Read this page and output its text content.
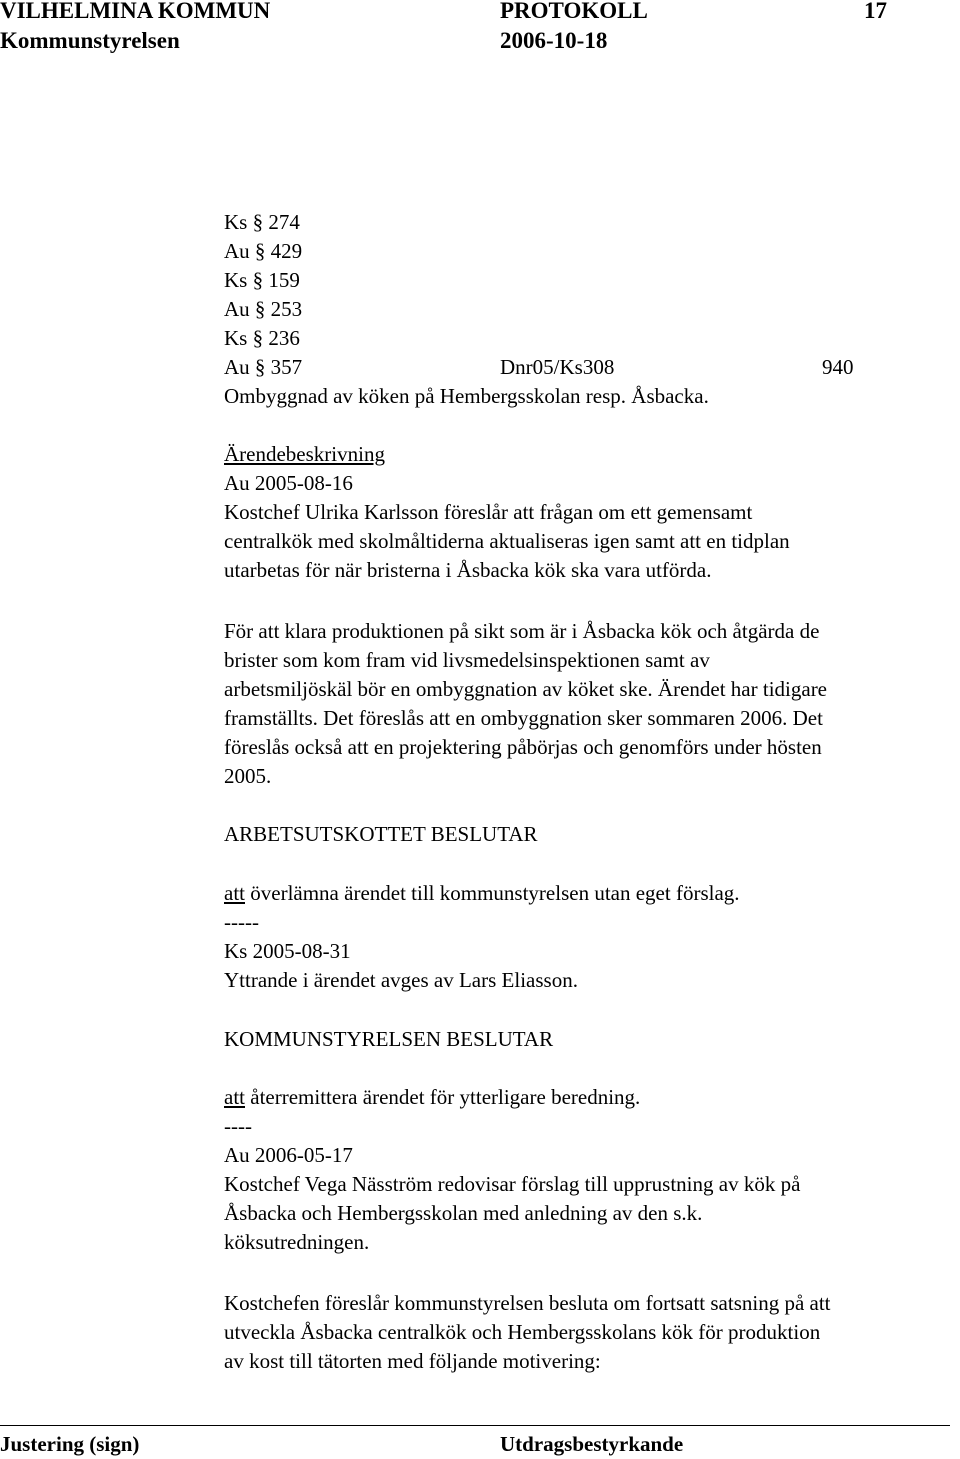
VILHELMINA KOMMUN	PROTOKOLL	17
Kommunstyrelsen	2006-10-18
Ks § 274
Au § 429
Ks § 159
Au § 253
Ks § 236
Au § 357	Dnr05/Ks308	940
Ombyggnad av köken på Hembergsskolan resp. Åsbacka.

Ärendebeskrivning

Au 2005-08-16

Kostchef Ulrika Karlsson föreslår att frågan om ett gemensamt

centralkök med skolmåltiderna aktualiseras igen samt att en tidplan

utarbetas för när bristerna i Åsbacka kök ska vara utförda.

För att klara produktionen på sikt som är i Åsbacka kök och åtgärda de

brister som kom fram vid livsmedelsinspektionen samt av

arbetsmiljöskäl bör en ombyggnation av köket ske. Ärendet har tidigare

framställts. Det föreslås att en ombyggnation sker sommaren 2006. Det

föreslås också att en projektering påbörjas och genomförs under hösten

2005.

ARBETSUTSKOTTET BESLUTAR

att överlämna ärendet till kommunstyrelsen utan eget förslag.

-----

Ks 2005-08-31

Yttrande i ärendet avges av Lars Eliasson.

KOMMUNSTYRELSEN BESLUTAR

att återremittera ärendet för ytterligare beredning.

----

Au 2006-05-17

Kostchef Vega Näsström redovisar förslag till upprustning av kök på

Åsbacka och Hembergsskolan med anledning av den s.k.

köksutredningen.

Kostchefen föreslår kommunstyrelsen besluta om fortsatt satsning på att

utveckla Åsbacka centralkök och Hembergsskolans kök för produktion

av kost till tätorten med följande motivering:

Justering (sign)	Utdragsbestyrkande
